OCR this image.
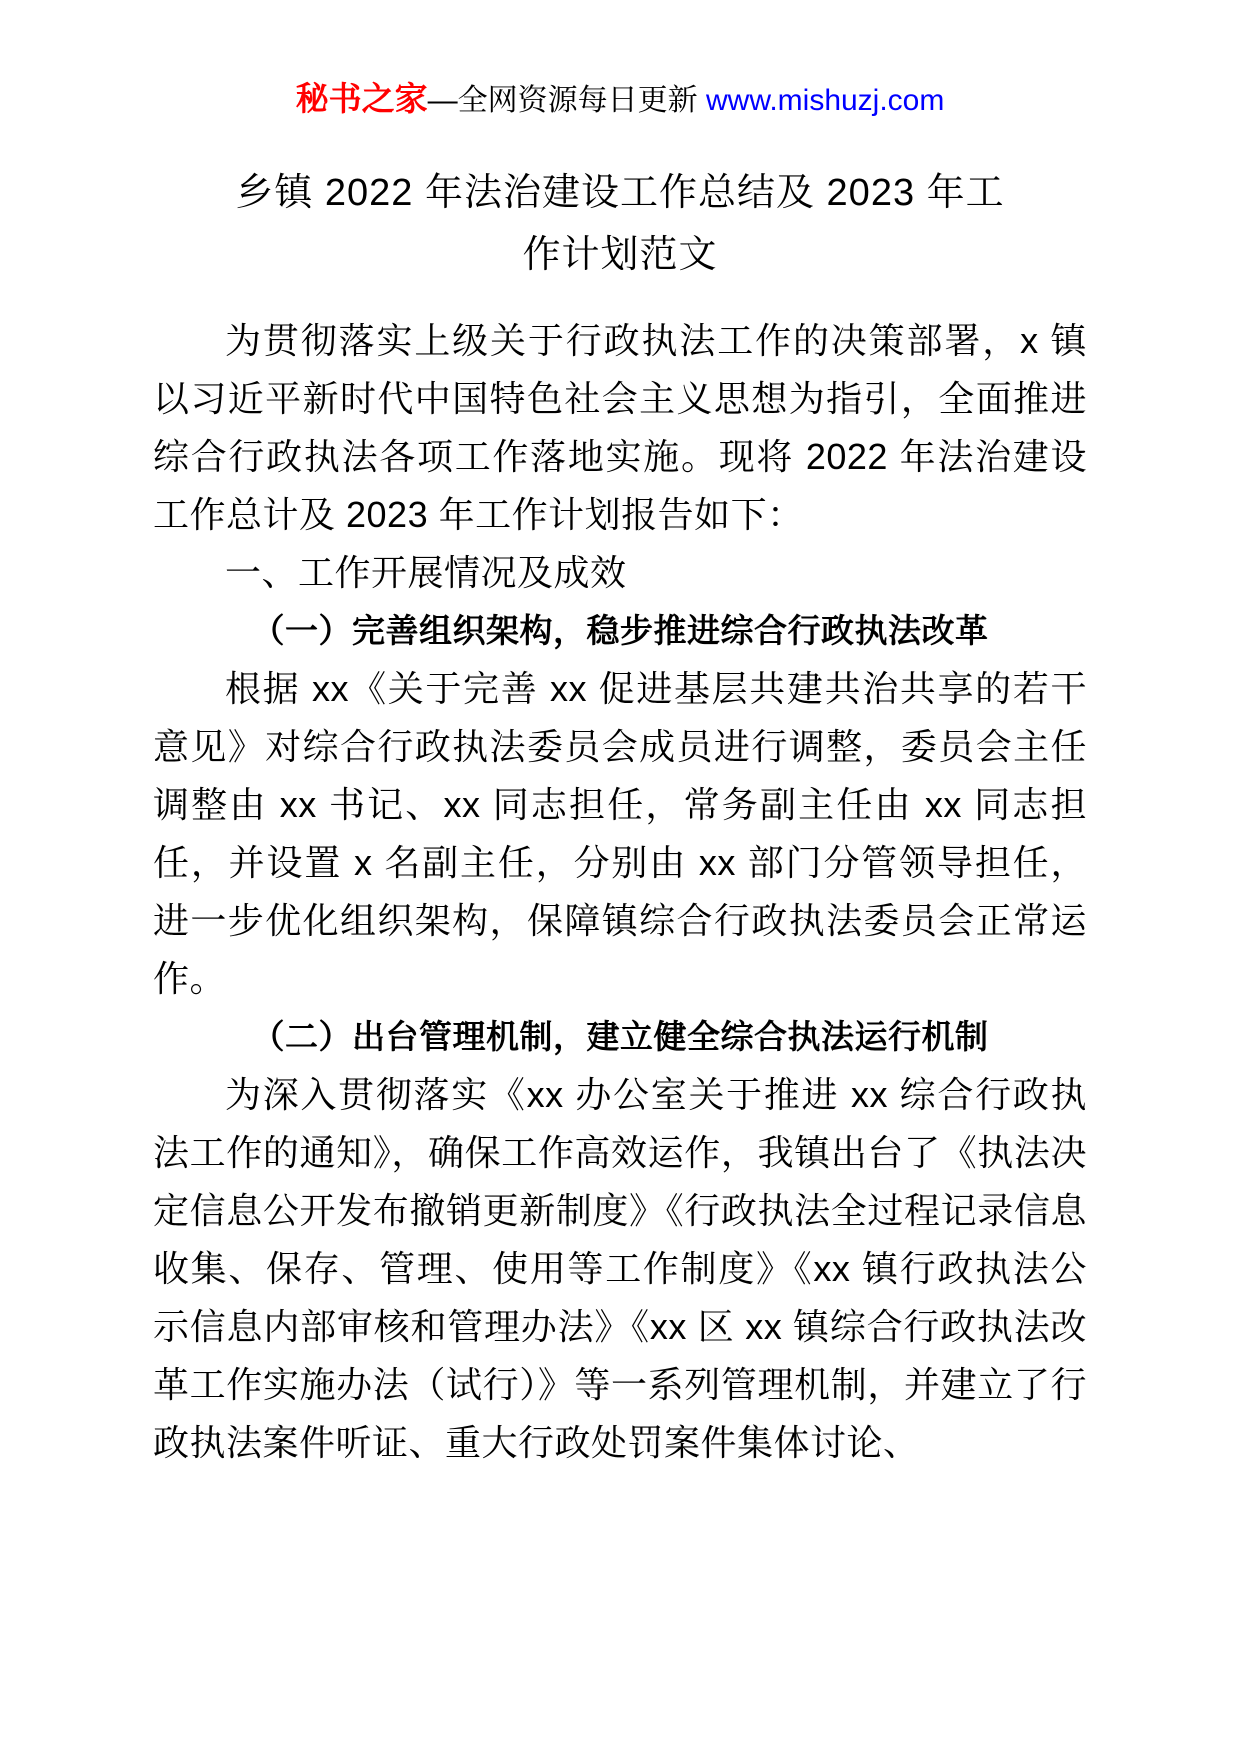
秘书之家—全网资源每日更新 www.mishuzj.com
乡镇 2022 年法治建设工作总结及 2023 年工
作计划范文

为贯彻落实上级关于行政执法工作的决策部署，x 镇以习近平新时代中国特色社会主义思想为指引，全面推进综合行政执法各项工作落地实施。现将 2022 年法治建设工作总计及 2023 年工作计划报告如下：

一、工作开展情况及成效

（一）完善组织架构，稳步推进综合行政执法改革

根据 xx《关于完善 xx 促进基层共建共治共享的若干意见》对综合行政执法委员会成员进行调整，委员会主任调整由 xx 书记、xx 同志担任，常务副主任由 xx 同志担任，并设置 x 名副主任，分别由 xx 部门分管领导担任，进一步优化组织架构，保障镇综合行政执法委员会正常运作。

（二）出台管理机制，建立健全综合执法运行机制

为深入贯彻落实《xx 办公室关于推进 xx 综合行政执法工作的通知》，确保工作高效运作，我镇出台了《执法决定信息公开发布撤销更新制度》《行政执法全过程记录信息收集、保存、管理、使用等工作制度》《xx 镇行政执法公示信息内部审核和管理办法》《xx 区 xx 镇综合行政执法改革工作实施办法（试行）》等一系列管理机制，并建立了行政执法案件听证、重大行政处罚案件集体讨论、
